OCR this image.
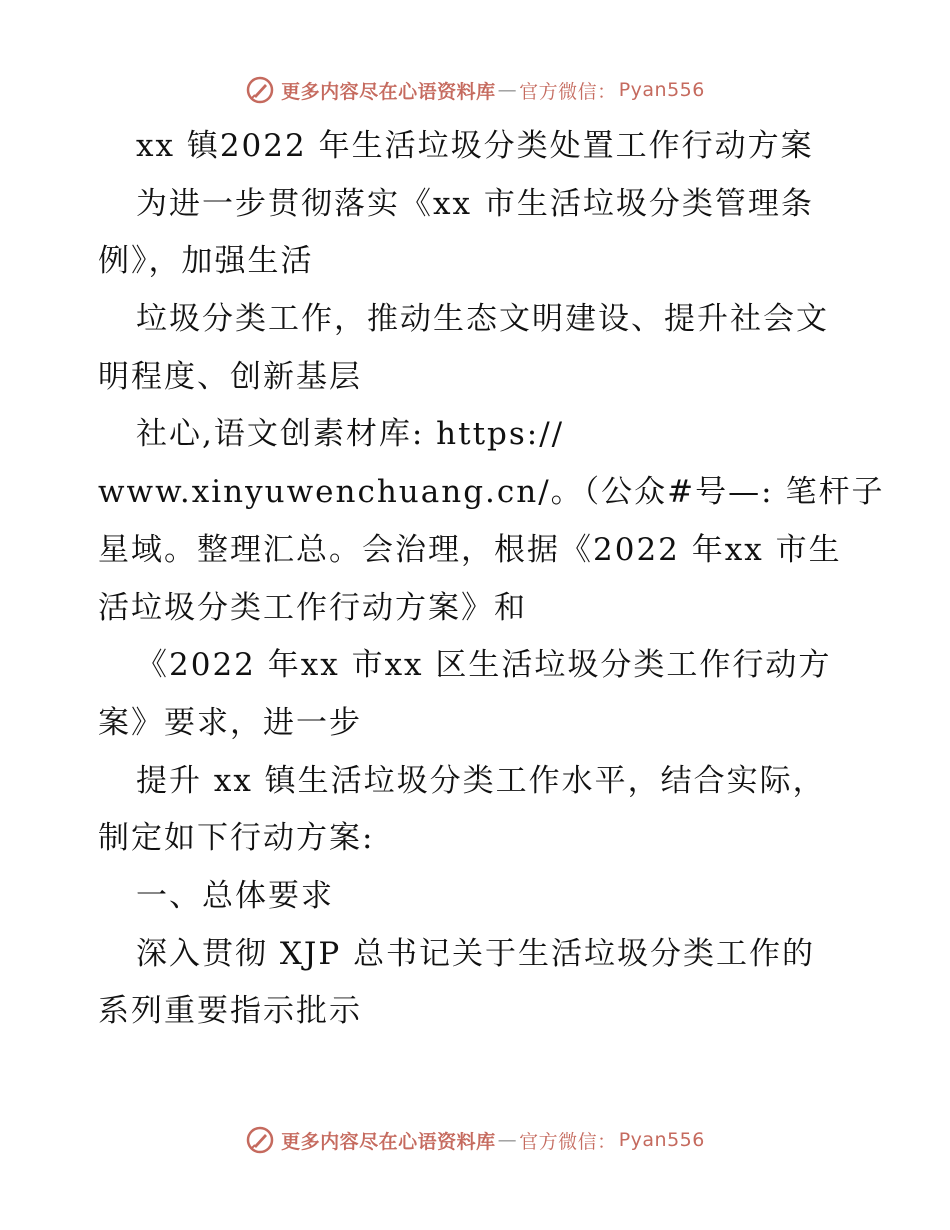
更多内容尽在心语资料库 — 官方微信： Pyan556
xx 镇2022 年生活垃圾分类处置工作行动方案
为进一步贯彻落实《xx 市生活垃圾分类管理条
例》，加强生活
垃圾分类工作，推动生态文明建设、提升社会文
明程度、创新基层
社心,语文创素材库: https://
www.xinyuwenchuang.cn/。（公众#号—: 笔杆子
星域。整理汇总。会治理，根据《2022 年xx 市生
活垃圾分类工作行动方案》和
《2022 年xx 市xx 区生活垃圾分类工作行动方
案》要求，进一步
提升 xx 镇生活垃圾分类工作水平，结合实际，
制定如下行动方案:
一、总体要求
深入贯彻 XJP 总书记关于生活垃圾分类工作的
系列重要指示批示
更多内容尽在心语资料库 — 官方微信： Pyan556
